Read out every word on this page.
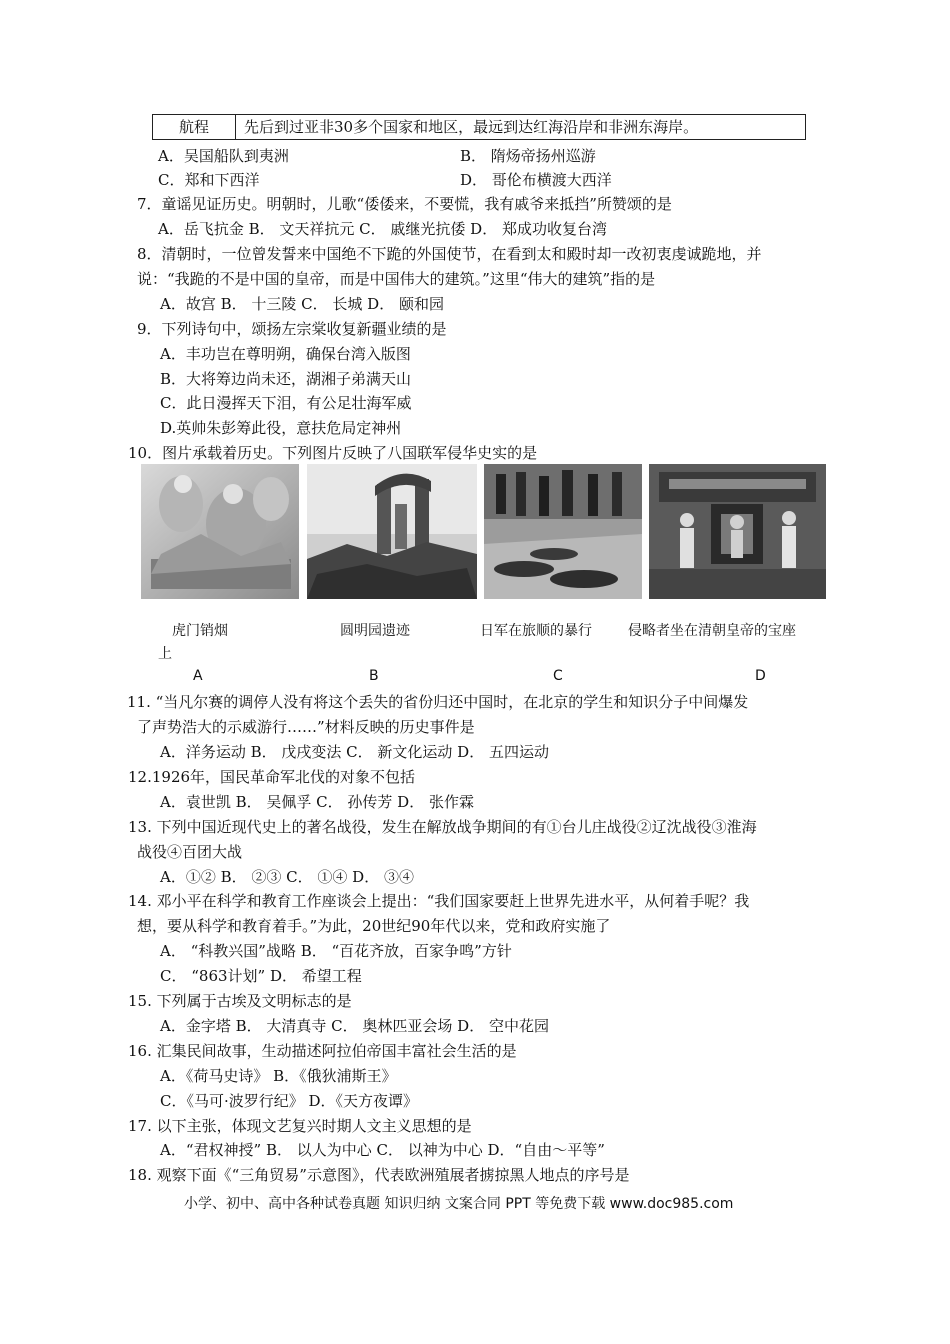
航程	先后到过亚非30多个国家和地区，最远到达红海沿岸和非洲东海岸。
A．吴国船队到夷洲	B． 隋炀帝扬州巡游
C．郑和下西洋	D． 哥伦布横渡大西洋
7．童谣见证历史。明朝时，儿歌“倭倭来，不要慌，我有戚爷来抵挡”所赞颂的是
A．岳飞抗金 B． 文天祥抗元 C． 戚继光抗倭 D． 郑成功收复台湾
8．清朝时，一位曾发誓来中国绝不下跪的外国使节，在看到太和殿时却一改初衷虔诚跪地，并
说：“我跪的不是中国的皇帝，而是中国伟大的建筑。”这里“伟大的建筑”指的是
A．故宫 B． 十三陵 C． 长城 D． 颐和园
9．下列诗句中，颂扬左宗棠收复新疆业绩的是
A．丰功岂在尊明朔，确保台湾入版图
B．大将筹边尚未还，湖湘子弟满天山
C．此日漫挥天下泪，有公足壮海军威
D.英帅朱彭筹此役，意扶危局定神州
10．图片承载着历史。下列图片反映了八国联军侵华史实的是
虎门销烟	圆明园遗迹	日军在旅顺的暴行	侵略者坐在清朝皇帝的宝座
上
A	B	C	D
11. “当凡尔赛的调停人没有将这个丢失的省份归还中国时，在北京的学生和知识分子中间爆发
了声势浩大的示威游行……”材料反映的历史事件是
A．洋务运动 B． 戊戌变法 C． 新文化运动 D． 五四运动
12.1926年，国民革命军北伐的对象不包括
A．袁世凯 B． 吴佩孚 C． 孙传芳 D． 张作霖
13. 下列中国近现代史上的著名战役，发生在解放战争期间的有①台儿庄战役②辽沈战役③淮海
战役④百团大战
A．①② B． ②③ C． ①④ D． ③④
14. 邓小平在科学和教育工作座谈会上提出：“我们国家要赶上世界先进水平，从何着手呢？我
想，要从科学和教育着手。”为此，20世纪90年代以来，党和政府实施了
A． “科教兴国”战略 B． “百花齐放，百家争鸣”方针
C． “863计划” D． 希望工程
15. 下列属于古埃及文明标志的是
A．金字塔 B． 大清真寺 C． 奥林匹亚会场 D． 空中花园
16. 汇集民间故事，生动描述阿拉伯帝国丰富社会生活的是
A．《荷马史诗》 B．《俄狄浦斯王》
C．《马可·波罗行纪》 D．《天方夜谭》
17. 以下主张，体现文艺复兴时期人文主义思想的是
A．“君权神授” B． 以人为中心 C． 以神为中心 D．“自由～平等”
18. 观察下面《“三角贸易”示意图》，代表欧洲殖展者掳掠黑人地点的序号是
小学、初中、高中各种试卷真题 知识归纳 文案合同 PPT 等免费下载 www.doc985.com
